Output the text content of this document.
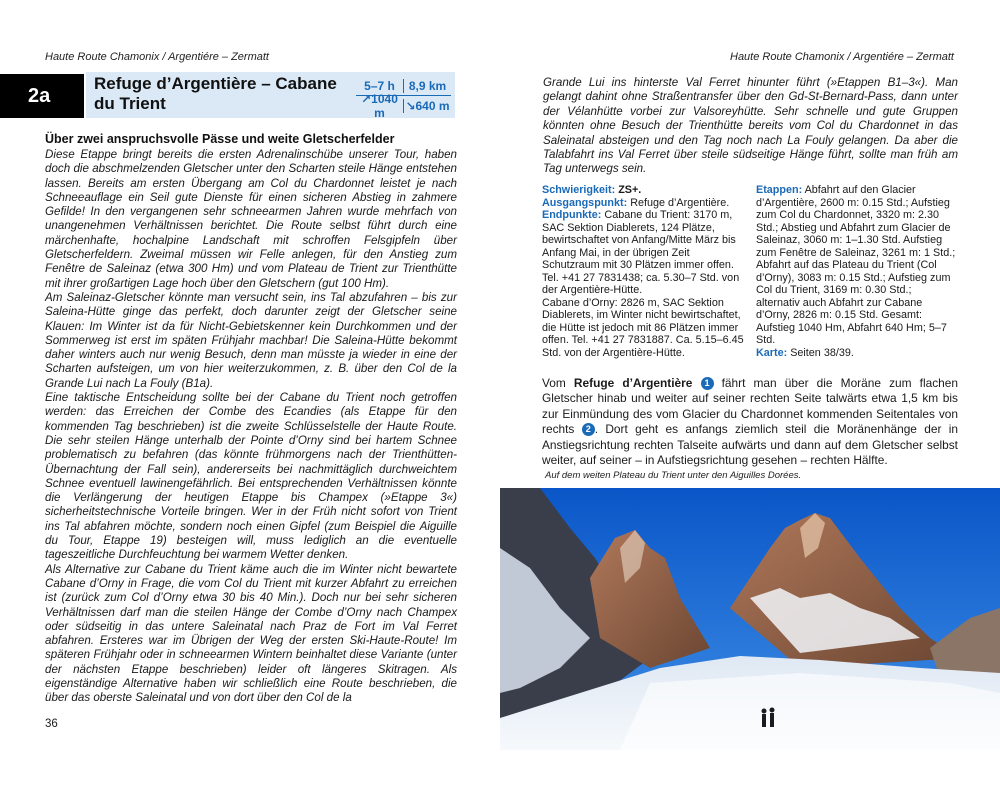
Haute Route Chamonix / Argentiére – Zermatt
2a
Refuge d’Argentière – Cabane du Trient
5–7 h	8,9 km
↗1040 m	↘640 m
Über zwei anspruchsvolle Pässe und weite Gletscherfelder

Diese Etappe bringt bereits die ersten Adrenalinschübe unserer Tour, haben doch die abschmelzenden Gletscher unter den Scharten steile Hänge entstehen lassen. Bereits am ersten Übergang am Col du Chardonnet leistet je nach Schneeauflage ein Seil gute Dienste für einen sicheren Abstieg in zahmere Gefilde! In den vergangenen sehr schneearmen Jahren wurde mehrfach von unangenehmen Verhältnissen berichtet. Die Route selbst führt durch eine märchenhafte, hochalpine Landschaft mit schroffen Felsgipfeln über Gletscherfeldern. Zweimal müssen wir Felle anlegen, für den Anstieg zum Fenêtre de Saleinaz (etwa 300 Hm) und vom Plateau de Trient zur Trienthütte mit ihrer großartigen Lage hoch über den Gletschern (gut 100 Hm).

Am Saleinaz-Gletscher könnte man versucht sein, ins Tal abzufahren – bis zur Saleina-Hütte ginge das perfekt, doch darunter zeigt der Gletscher seine Klauen: Im Winter ist da für Nicht-Gebietskenner kein Durchkommen und der Sommerweg ist erst im späten Frühjahr machbar! Die Saleina-Hütte bekommt daher winters auch nur wenig Besuch, denn man müsste ja wieder in eine der Scharten aufsteigen, um von hier weiterzukommen, z. B. über den Col de la Grande Lui nach La Fouly (B1a).

Eine taktische Entscheidung sollte bei der Cabane du Trient noch getroffen werden: das Erreichen der Combe des Ecandies (als Etappe für den kommenden Tag beschrieben) ist die zweite Schlüsselstelle der Haute Route. Die sehr steilen Hänge unterhalb der Pointe d’Orny sind bei hartem Schnee problematisch zu befahren (das könnte frühmorgens nach der Trienthütten-Übernachtung der Fall sein), andererseits bei nachmittäglich durchweichtem Schnee eventuell lawinengefährlich. Bei entsprechenden Verhältnissen könnte die Verlängerung der heutigen Etappe bis Champex (»Etappe 3«) sicherheitstechnische Vorteile bringen. Wer in der Früh nicht sofort von Trient ins Tal abfahren möchte, sondern noch einen Gipfel (zum Beispiel die Aiguille du Tour, Etappe 19) besteigen will, muss lediglich an die eventuelle tageszeitliche Durchfeuchtung bei warmem Wetter denken.

Als Alternative zur Cabane du Trient käme auch die im Winter nicht bewartete Cabane d’Orny in Frage, die vom Col du Trient mit kurzer Abfahrt zu erreichen ist (zurück zum Col d’Orny etwa 30 bis 40 Min.). Doch nur bei sehr sicheren Verhältnissen darf man die steilen Hänge der Combe d’Orny nach Champex oder südseitig in das untere Saleinatal nach Praz de Fort im Val Ferret abfahren. Ersteres war im Übrigen der Weg der ersten Ski-Haute-Route! Im späteren Frühjahr oder in schneearmen Wintern beinhaltet diese Variante (unter der nächsten Etappe beschrieben) leider oft längeres Skitragen. Als eigenständige Alternative haben wir schließlich eine Route beschrieben, die über das oberste Saleinatal und von dort über den Col de la

36
Haute Route Chamonix / Argentiére – Zermatt
Grande Lui ins hinterste Val Ferret hinunter führt (»Etappen B1–3«). Man gelangt dahint ohne Straßentransfer über den Gd-St-Bernard-Pass, dann unter der Vélanhütte vorbei zur Valsoreyhütte. Sehr schnelle und gute Gruppen könnten ohne Besuch der Trienthütte bereits vom Col du Chardonnet in das Saleinatal absteigen und den Tag noch nach La Fouly gelangen. Da aber die Talabfahrt ins Val Ferret über steile südseitige Hänge führt, sollte man früh am Tag unterwegs sein.
Schwierigkeit: ZS+.
Ausgangspunkt: Refuge d’Argentière.
Endpunkte: Cabane du Trient: 3170 m, SAC Sektion Diablerets, 124 Plätze, bewirtschaftet von Anfang/Mitte März bis Anfang Mai, in der übrigen Zeit Schutzraum mit 30 Plätzen immer offen. Tel. +41 27 7831438; ca. 5.30–7 Std. von der Argentière-Hütte.
Cabane d’Orny: 2826 m, SAC Sektion Diablerets, im Winter nicht bewirtschaftet, die Hütte ist jedoch mit 86 Plätzen immer offen. Tel. +41 27 7831887. Ca. 5.15–6.45 Std. von der Argentière-Hütte.
Etappen: Abfahrt auf den Glacier d’Argentière, 2600 m: 0.15 Std.; Aufstieg zum Col du Chardonnet, 3320 m: 2.30 Std.; Abstieg und Abfahrt zum Glacier de Saleinaz, 3060 m: 1–1.30 Std. Aufstieg zum Fenêtre de Saleinaz, 3261 m: 1 Std.; Abfahrt auf das Plateau du Trient (Col d’Orny), 3083 m: 0.15 Std.; Aufstieg zum Col du Trient, 3169 m: 0.30 Std.; alternativ auch Abfahrt zur Cabane d’Orny, 2826 m: 0.15 Std. Gesamt: Aufstieg 1040 Hm, Abfahrt 640 Hm; 5–7 Std.
Karte: Seiten 38/39.
Vom Refuge d’Argentière 1 fährt man über die Moräne zum flachen Gletscher hinab und weiter auf seiner rechten Seite talwärts etwa 1,5 km bis zur Einmündung des vom Glacier du Chardonnet kommenden Seitentales von rechts 2 . Dort geht es anfangs ziemlich steil die Moränenhänge der in Anstiegsrichtung rechten Talseite aufwärts und dann auf dem Gletscher selbst weiter, auf seiner – in Aufstiegsrichtung gesehen – rechten Hälfte.
Auf dem weiten Plateau du Trient unter den Aiguilles Dorées.
